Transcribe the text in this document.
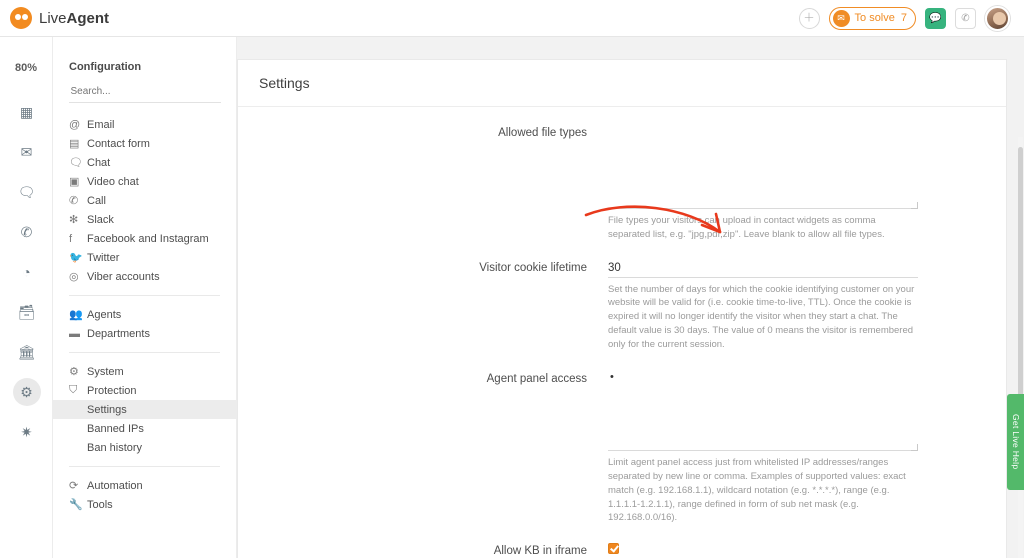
LiveAgent	＋	✉ To solve 7	💬	✆
80%
▦
✉
🗨
✆
◔
🗃
🏛
⚙
✷
Configuration
Search...
@ Email
▤ Contact form
🗨 Chat
▣ Video chat
✆ Call
✻ Slack
f	Facebook and Instagram
🐦 Twitter
◎ Viber accounts
👥 Agents
▬ Departments
⚙ System
⛉ Protection
Settings
Banned IPs
Ban history
⟳ Automation
🔧 Tools
Settings
Allowed file types
File types your visitors can upload in contact widgets as comma separated list, e.g. "jpg,pdf,zip". Leave blank to allow all file types.
Visitor cookie lifetime
30
Set the number of days for which the cookie identifying customer on your website will be valid for (i.e. cookie time-to-live, TTL). Once the cookie is expired it will no longer identify the visitor when they start a chat. The default value is 30 days. The value of 0 means the visitor is remembered only for the current session.
Agent panel access	•
Limit agent panel access just from whitelisted IP addresses/ranges separated by new line or comma. Examples of supported values: exact match (e.g. 192.168.1.1), wildcard notation (e.g. *.*.*.*), range (e.g. 1.1.1.1-1.2.1.1), range defined in form of sub net mask (e.g. 192.168.0.0/16).
Allow KB in iframe
Get Live Help
